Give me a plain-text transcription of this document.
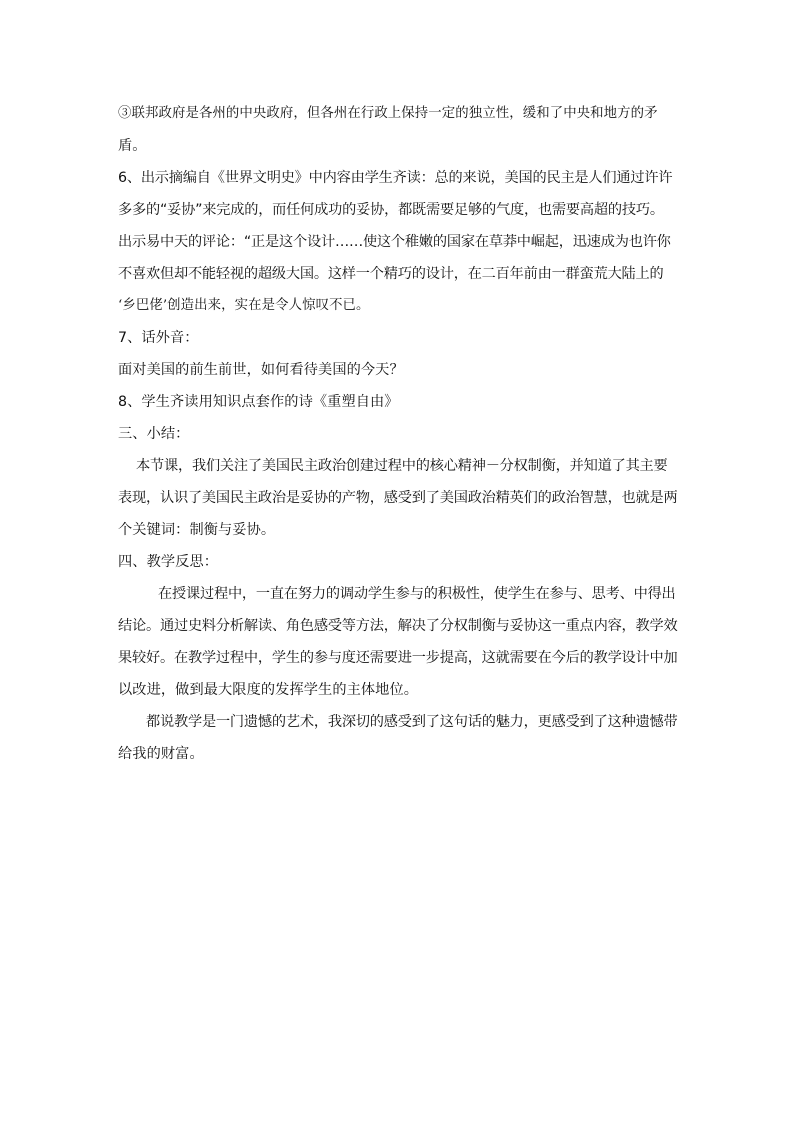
③联邦政府是各州的中央政府，但各州在行政上保持一定的独立性，缓和了中央和地方的矛
盾。
6、出示摘编自《世界文明史》中内容由学生齐读：总的来说，美国的民主是人们通过许许
多多的“妥协”来完成的，而任何成功的妥协，都既需要足够的气度，也需要高超的技巧。
出示易中天的评论：“正是这个设计……使这个稚嫩的国家在草莽中崛起，迅速成为也许你
不喜欢但却不能轻视的超级大国。这样一个精巧的设计，在二百年前由一群蛮荒大陆上的
‘乡巴佬’创造出来，实在是令人惊叹不已。
7、话外音：
面对美国的前生前世，如何看待美国的今天？
8、学生齐读用知识点套作的诗《重塑自由》
三、小结：
本节课，我们关注了美国民主政治创建过程中的核心精神－分权制衡，并知道了其主要
表现，认识了美国民主政治是妥协的产物，感受到了美国政治精英们的政治智慧，也就是两
个关键词：制衡与妥协。
四、教学反思：
在授课过程中，一直在努力的调动学生参与的积极性，使学生在参与、思考、中得出
结论。通过史料分析解读、角色感受等方法，解决了分权制衡与妥协这一重点内容，教学效
果较好。在教学过程中，学生的参与度还需要进一步提高，这就需要在今后的教学设计中加
以改进，做到最大限度的发挥学生的主体地位。
都说教学是一门遗憾的艺术，我深切的感受到了这句话的魅力，更感受到了这种遗憾带
给我的财富。
